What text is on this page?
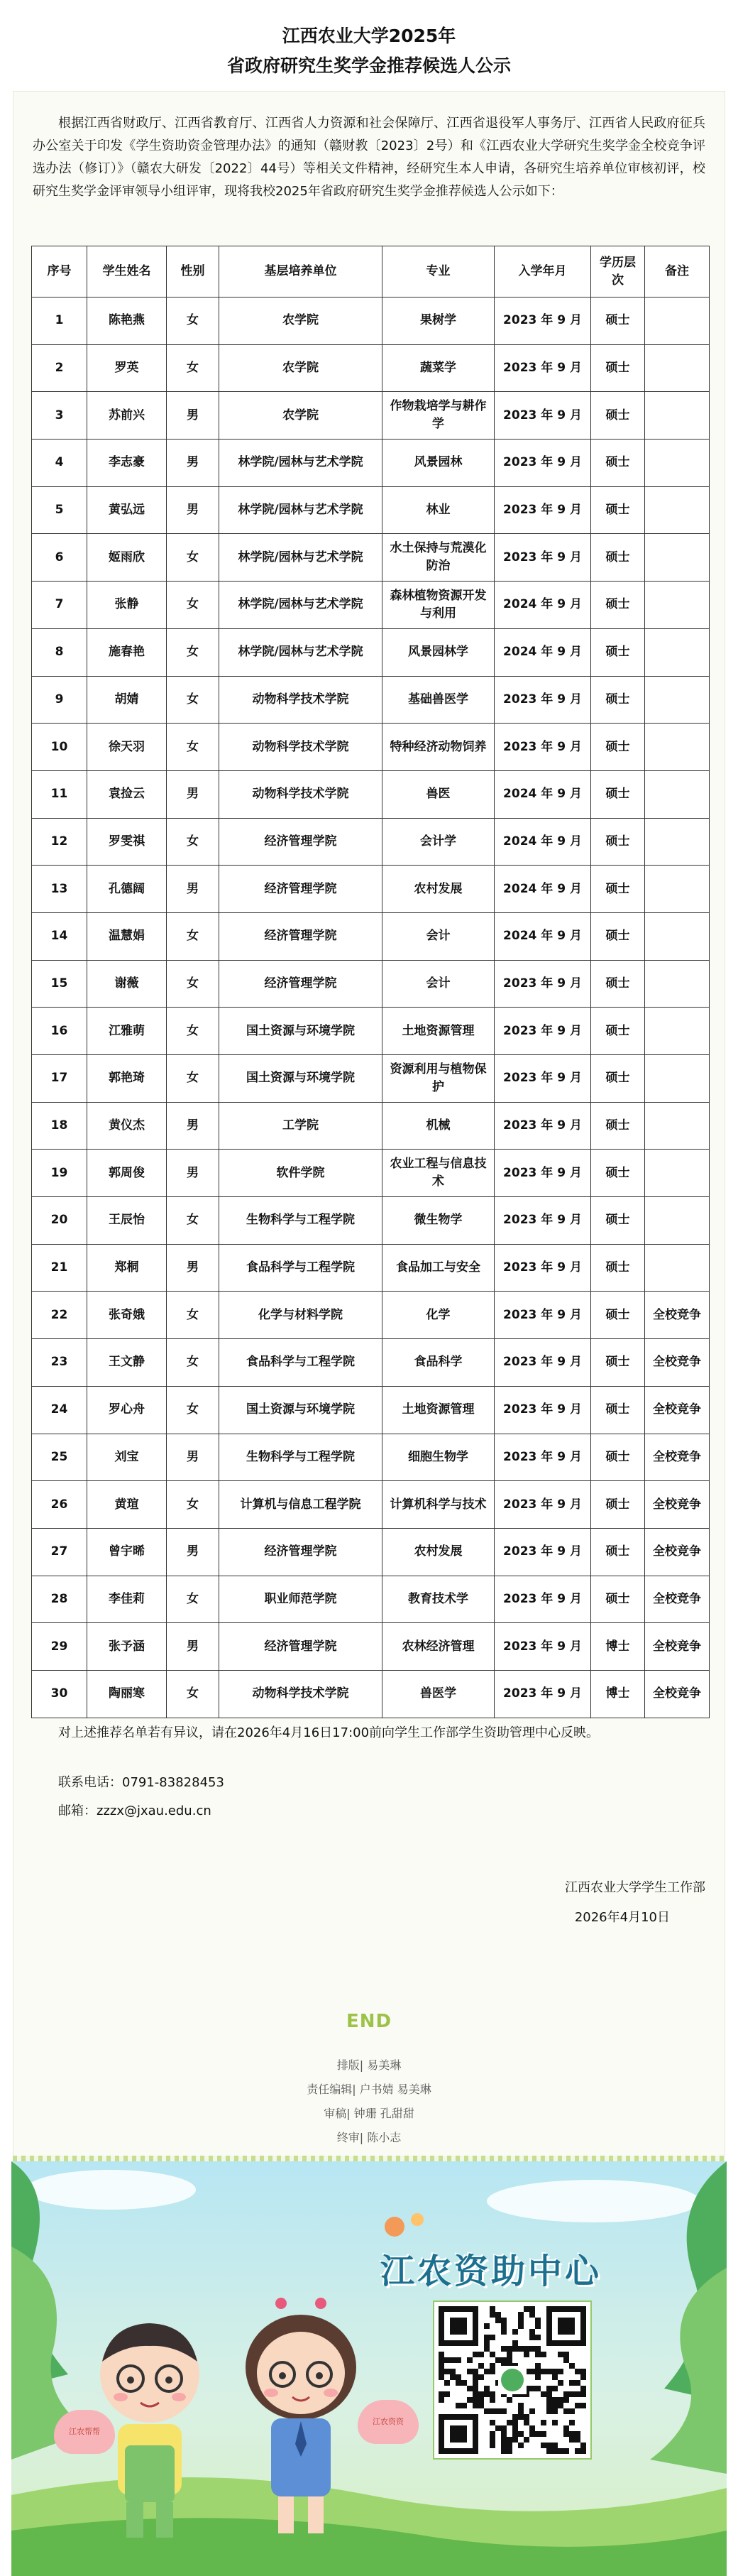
江西农业大学2025年
省政府研究生奖学金推荐候选人公示
根据江西省财政厅、江西省教育厅、江西省人力资源和社会保障厅、江西省退役军人事务厅、江西省人民政府征兵办公室关于印发《学生资助资金管理办法》的通知（赣财教〔2023〕2号）和《江西农业大学研究生奖学金全校竞争评选办法（修订）》（赣农大研发〔2022〕44号）等相关文件精神，经研究生本人申请，各研究生培养单位审核初评，校研究生奖学金评审领导小组评审，现将我校2025年省政府研究生奖学金推荐候选人公示如下：
序号	学生姓名	性别	基层培养单位	专业	入学年月	学历层次	备注
1	陈艳燕	女	农学院	果树学	2023 年 9 月	硕士	
2	罗英	女	农学院	蔬菜学	2023 年 9 月	硕士	
3	苏前兴	男	农学院	作物栽培学与耕作学	2023 年 9 月	硕士	
4	李志豪	男	林学院/园林与艺术学院	风景园林	2023 年 9 月	硕士	
5	黄弘远	男	林学院/园林与艺术学院	林业	2023 年 9 月	硕士	
6	姬雨欣	女	林学院/园林与艺术学院	水土保持与荒漠化防治	2023 年 9 月	硕士	
7	张静	女	林学院/园林与艺术学院	森林植物资源开发与利用	2024 年 9 月	硕士	
8	施春艳	女	林学院/园林与艺术学院	风景园林学	2024 年 9 月	硕士	
9	胡婧	女	动物科学技术学院	基础兽医学	2023 年 9 月	硕士	
10	徐天羽	女	动物科学技术学院	特种经济动物饲养	2023 年 9 月	硕士	
11	袁捡云	男	动物科学技术学院	兽医	2024 年 9 月	硕士	
12	罗雯祺	女	经济管理学院	会计学	2024 年 9 月	硕士	
13	孔德阔	男	经济管理学院	农村发展	2024 年 9 月	硕士	
14	温慧娟	女	经济管理学院	会计	2024 年 9 月	硕士	
15	谢薇	女	经济管理学院	会计	2023 年 9 月	硕士	
16	江雅萌	女	国土资源与环境学院	土地资源管理	2023 年 9 月	硕士	
17	郭艳琦	女	国土资源与环境学院	资源利用与植物保护	2023 年 9 月	硕士	
18	黄仪杰	男	工学院	机械	2023 年 9 月	硕士	
19	郭周俊	男	软件学院	农业工程与信息技术	2023 年 9 月	硕士	
20	王辰怡	女	生物科学与工程学院	微生物学	2023 年 9 月	硕士	
21	郑桐	男	食品科学与工程学院	食品加工与安全	2023 年 9 月	硕士	
22	张奇娥	女	化学与材料学院	化学	2023 年 9 月	硕士	全校竞争
23	王文静	女	食品科学与工程学院	食品科学	2023 年 9 月	硕士	全校竞争
24	罗心舟	女	国土资源与环境学院	土地资源管理	2023 年 9 月	硕士	全校竞争
25	刘宝	男	生物科学与工程学院	细胞生物学	2023 年 9 月	硕士	全校竞争
26	黄瑄	女	计算机与信息工程学院	计算机科学与技术	2023 年 9 月	硕士	全校竞争
27	曾宇晞	男	经济管理学院	农村发展	2023 年 9 月	硕士	全校竞争
28	李佳莉	女	职业师范学院	教育技术学	2023 年 9 月	硕士	全校竞争
29	张予涵	男	经济管理学院	农林经济管理	2023 年 9 月	博士	全校竞争
30	陶丽寒	女	动物科学技术学院	兽医学	2023 年 9 月	博士	全校竞争
对上述推荐名单若有异议，请在2026年4月16日17:00前向学生工作部学生资助管理中心反映。
联系电话：0791-83828453
邮箱：zzzx@jxau.edu.cn
江西农业大学学生工作部
2026年4月10日
END
排版| 易美琳
责任编辑| 户书婧 易美琳
审稿| 钟珊 孔甜甜
终审| 陈小志
江农帮帮
江农资资
江农资助中心
